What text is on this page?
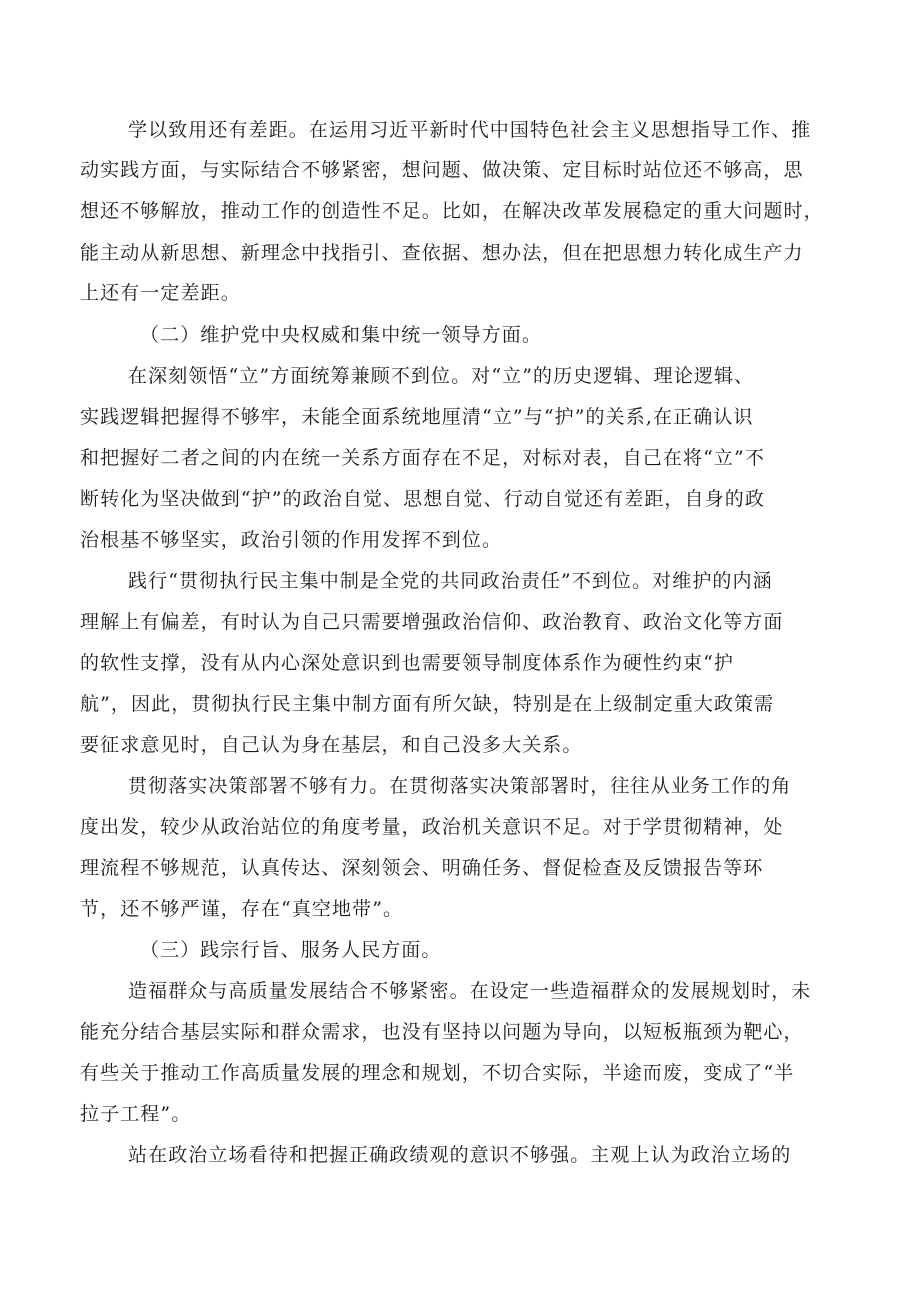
学以致用还有差距。在运用习近平新时代中国特色社会主义思想指导工作、推
动实践方面，与实际结合不够紧密，想问题、做决策、定目标时站位还不够高，思
想还不够解放，推动工作的创造性不足。比如，在解决改革发展稳定的重大问题时，
能主动从新思想、新理念中找指引、查依据、想办法，但在把思想力转化成生产力
上还有一定差距。
（二）维护党中央权威和集中统一领导方面。
在深刻领悟“立”方面统筹兼顾不到位。对“立”的历史逻辑、理论逻辑、
实践逻辑把握得不够牢，未能全面系统地厘清“立”与“护”的关系,在正确认识
和把握好二者之间的内在统一关系方面存在不足，对标对表，自己在将“立”不
断转化为坚决做到“护”的政治自觉、思想自觉、行动自觉还有差距，自身的政
治根基不够坚实，政治引领的作用发挥不到位。
践行“贯彻执行民主集中制是全党的共同政治责任”不到位。对维护的内涵
理解上有偏差，有时认为自己只需要增强政治信仰、政治教育、政治文化等方面
的软性支撑，没有从内心深处意识到也需要领导制度体系作为硬性约束“护
航”，因此，贯彻执行民主集中制方面有所欠缺，特别是在上级制定重大政策需
要征求意见时，自己认为身在基层，和自己没多大关系。
贯彻落实决策部署不够有力。在贯彻落实决策部署时，往往从业务工作的角
度出发，较少从政治站位的角度考量，政治机关意识不足。对于学贯彻精神，处
理流程不够规范，认真传达、深刻领会、明确任务、督促检查及反馈报告等环
节，还不够严谨，存在“真空地带”。
（三）践宗行旨、服务人民方面。
造福群众与高质量发展结合不够紧密。在设定一些造福群众的发展规划时，未
能充分结合基层实际和群众需求，也没有坚持以问题为导向，以短板瓶颈为靶心，
有些关于推动工作高质量发展的理念和规划，不切合实际，半途而废，变成了“半
拉子工程”。
站在政治立场看待和把握正确政绩观的意识不够强。主观上认为政治立场的
